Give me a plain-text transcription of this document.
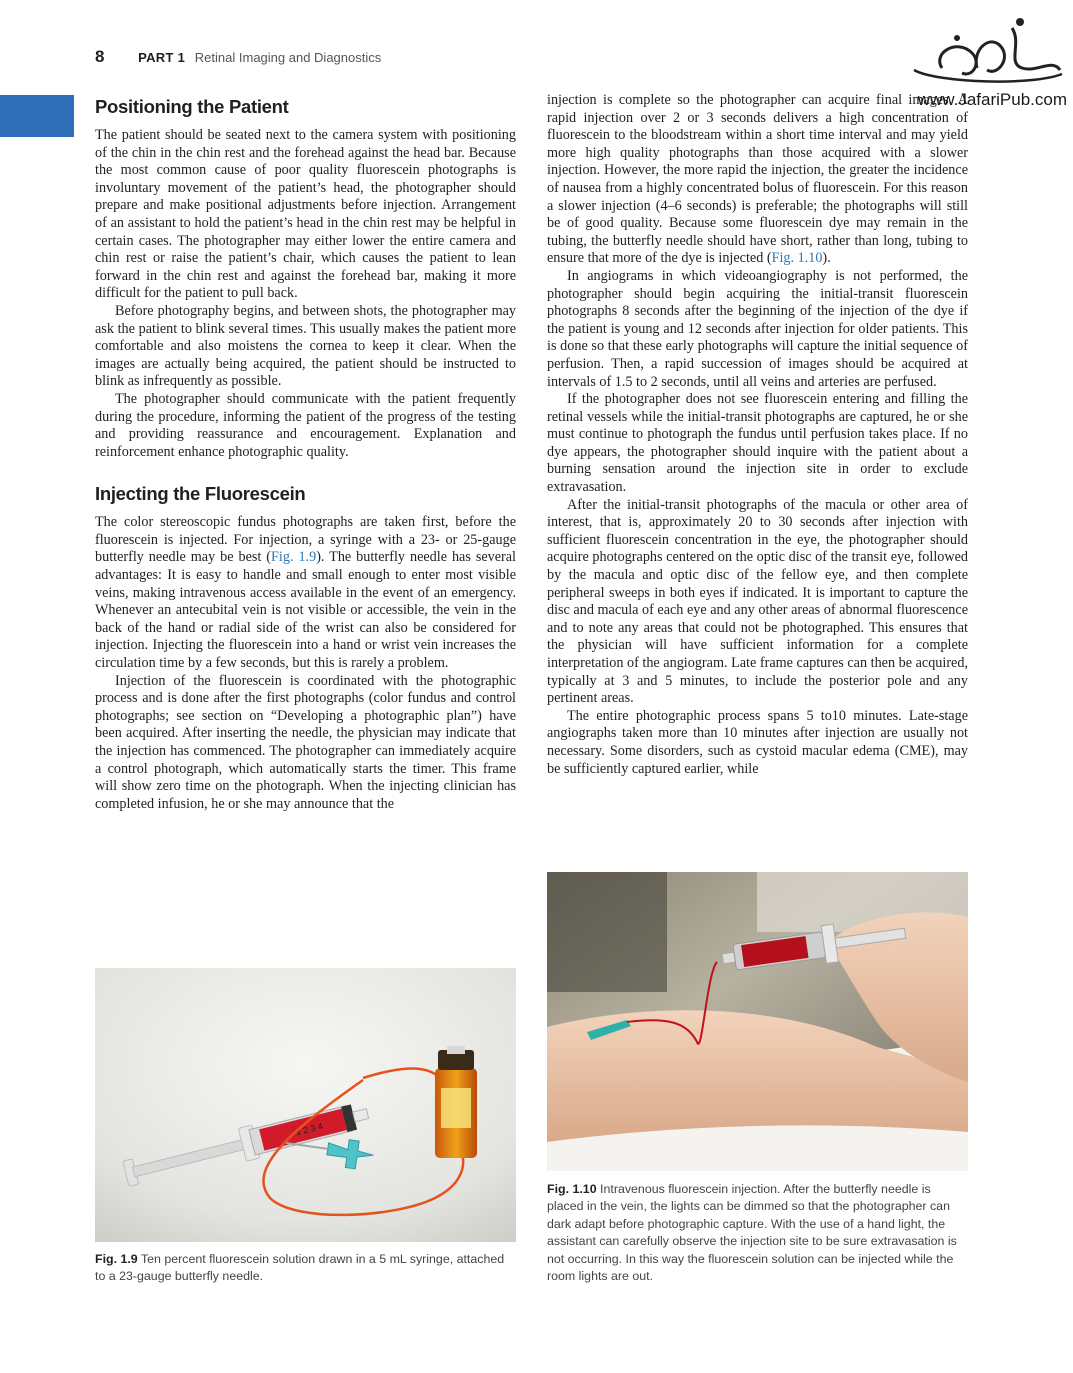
8	PART 1 Retinal Imaging and Diagnostics
www.JafariPub.com
Positioning the Patient

The patient should be seated next to the camera system with positioning of the chin in the chin rest and the forehead against the head bar. Because the most common cause of poor quality fluorescein photographs is involuntary movement of the patient’s head, the photographer should prepare and make positional adjustments before injection. Arrangement of an assistant to hold the patient’s head in the chin rest may be helpful in certain cases. The photographer may either lower the entire camera and chin rest or raise the patient’s chair, which causes the patient to lean forward in the chin rest and against the forehead bar, making it more difficult for the patient to pull back.

Before photography begins, and between shots, the photographer may ask the patient to blink several times. This usually makes the patient more comfortable and also moistens the cornea to keep it clear. When the images are actually being acquired, the patient should be instructed to blink as infrequently as possible.

The photographer should communicate with the patient frequently during the procedure, informing the patient of the progress of the testing and providing reassurance and encouragement. Explanation and reinforcement enhance photographic quality.

Injecting the Fluorescein

The color stereoscopic fundus photographs are taken first, before the fluorescein is injected. For injection, a syringe with a 23- or 25-gauge butterfly needle may be best (Fig. 1.9). The butterfly needle has several advantages: It is easy to handle and small enough to enter most visible veins, making intravenous access available in the event of an emergency. Whenever an antecubital vein is not visible or accessible, the vein in the back of the hand or radial side of the wrist can also be considered for injection. Injecting the fluorescein into a hand or wrist vein increases the circulation time by a few seconds, but this is rarely a problem.

Injection of the fluorescein is coordinated with the photographic process and is done after the first photographs (color fundus and control photographs; see section on “Developing a photographic plan”) have been acquired. After inserting the needle, the physician may indicate that the injection has commenced. The photographer can immediately acquire a control photograph, which automatically starts the timer. This frame will show zero time on the photograph. When the injecting clinician has completed infusion, he or she may announce that the

injection is complete so the photographer can acquire final images. A rapid injection over 2 or 3 seconds delivers a high concentration of fluorescein to the bloodstream within a short time interval and may yield more high quality photographs than those acquired with a slower injection. However, the more rapid the injection, the greater the incidence of nausea from a highly concentrated bolus of fluorescein. For this reason a slower injection (4–6 seconds) is preferable; the photographs will still be of good quality. Because some fluorescein dye may remain in the tubing, the butterfly needle should have short, rather than long, tubing to ensure that more of the dye is injected (Fig. 1.10).

In angiograms in which videoangiography is not performed, the photographer should begin acquiring the initial-transit fluorescein photographs 8 seconds after the beginning of the injection of the dye if the patient is young and 12 seconds after injection for older patients. This is done so that these early photographs will capture the initial sequence of perfusion. Then, a rapid succession of images should be acquired at intervals of 1.5 to 2 seconds, until all veins and arteries are perfused.

If the photographer does not see fluorescein entering and filling the retinal vessels while the initial-transit photographs are captured, he or she must continue to photograph the fundus until perfusion takes place. If no dye appears, the photographer should inquire with the patient about a burning sensation around the injection site in order to exclude extravasation.

After the initial-transit photographs of the macula or other area of interest, that is, approximately 20 to 30 seconds after injection with sufficient fluorescein concentration in the eye, the photographer should acquire photographs centered on the optic disc of the transit eye, followed by the macula and optic disc of the fellow eye, and then complete peripheral sweeps in both eyes if indicated. It is important to capture the disc and macula of each eye and any other areas of abnormal fluorescence and to note any areas that could not be photographed. This ensures that the physician will have sufficient information for a complete interpretation of the angiogram. Late frame captures can then be acquired, typically at 3 and 5 minutes, to include the posterior pole and any pertinent areas.

The entire photographic process spans 5 to10 minutes. Late-stage angiographs taken more than 10 minutes after injection are usually not necessary. Some disorders, such as cystoid macular edema (CME), may be sufficiently captured earlier, while

1 2 3 4
Fig. 1.9 Ten percent fluorescein solution drawn in a 5 mL syringe, attached to a 23-gauge butterfly needle.
Fig. 1.10 Intravenous fluorescein injection. After the butterfly needle is placed in the vein, the lights can be dimmed so that the photographer can dark adapt before photographic capture. With the use of a hand light, the assistant can carefully observe the injection site to be sure extravasation is not occurring. In this way the fluorescein solution can be injected while the room lights are out.
